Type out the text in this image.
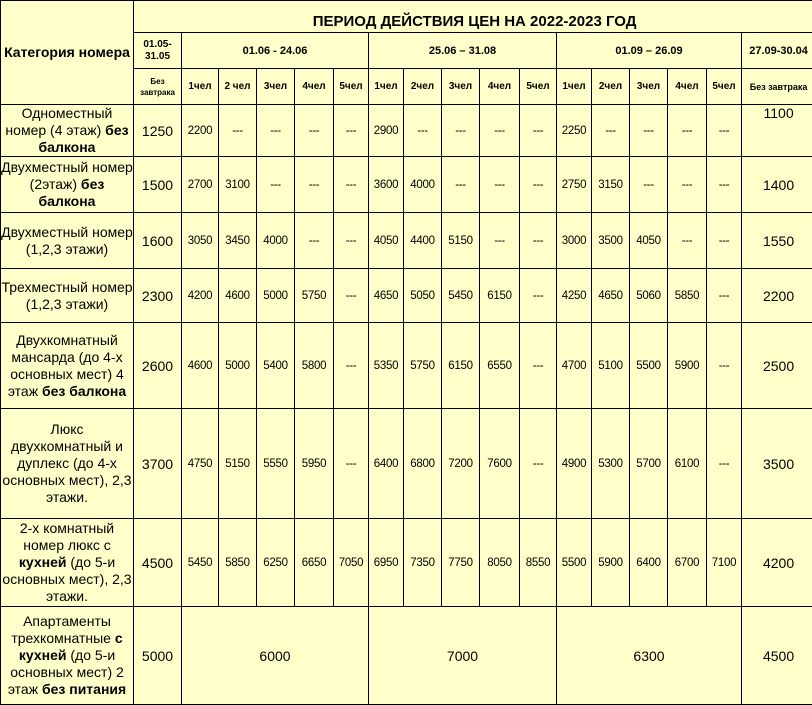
Категория номера	ПЕРИОД ДЕЙСТВИЯ ЦЕН НА 2022-2023 ГОД																
	01.05-31.05	01.06 - 24.06					25.06 – 31.08					01.09 – 26.09					27.09-30.04
	Без завтрака	1чел	2 чел	3чел	4чел	5чел	1чел	2чел	3чел	4чел	5чел	1чел	2чел	3чел	4чел	5чел	Без завтрака
Одноместный номер (4 этаж) без балкона	1250	2200	---	---	---	---	2900	---	---	---	---	2250	---	---	---	---	1100
Двухместный номер (2этаж) без балкона	1500	2700	3100	---	---	---	3600	4000	---	---	---	2750	3150	---	---	---	1400
Двухместный номер (1,2,3 этажи)	1600	3050	3450	4000	---	---	4050	4400	5150	---	---	3000	3500	4050	---	---	1550
Трехместный номер (1,2,3 этажи)	2300	4200	4600	5000	5750	---	4650	5050	5450	6150	---	4250	4650	5060	5850	---	2200
Двухкомнатный мансарда (до 4-х основных мест) 4 этаж без балкона	2600	4600	5000	5400	5800	---	5350	5750	6150	6550	---	4700	5100	5500	5900	---	2500
Люкс двухкомнатный и дуплекс (до 4-х основных мест), 2,3 этажи.	3700	4750	5150	5550	5950	---	6400	6800	7200	7600	---	4900	5300	5700	6100	---	3500
2-х комнатный номер люкс с кухней (до 5-и основных мест), 2,3 этажи.	4500	5450	5850	6250	6650	7050	6950	7350	7750	8050	8550	5500	5900	6400	6700	7100	4200
Апартаменты трехкомнатные с кухней (до 5-и основных мест) 2 этаж без питания	5000	6000					7000					6300					4500
